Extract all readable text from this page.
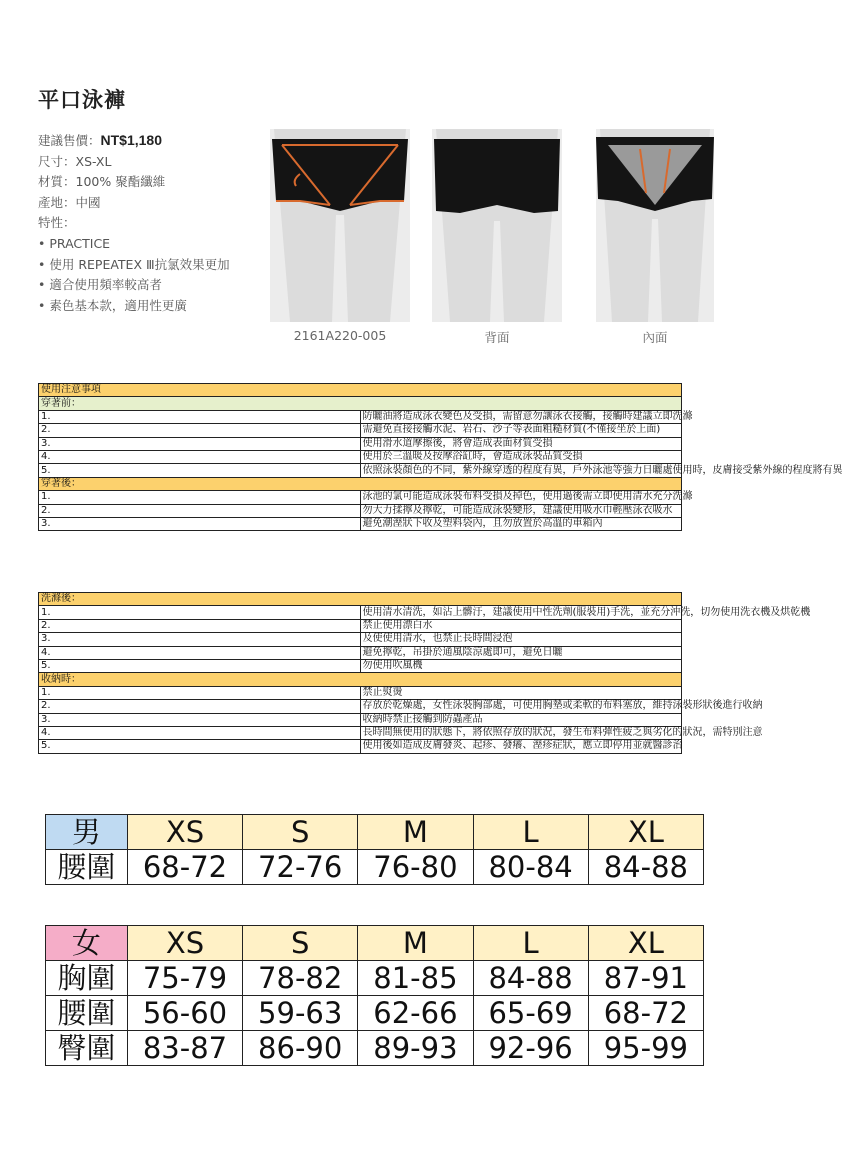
平口泳褲
建議售價：NT$1,180
尺寸：XS-XL
材質：100% 聚酯纖維
產地：中國
特性：
• PRACTICE
• 使用 REPEATEX Ⅲ抗氯效果更加
• 適合使用頻率較高者
• 素色基本款，適用性更廣
2161A220-005	背面	內面
使用注意事項	
穿著前：	
1.	防曬油將造成泳衣變色及受損，需留意勿讓泳衣接觸，接觸時建議立即洗滌
2.	需避免直接接觸水泥、岩石、沙子等表面粗糙材質(不僅接坐於上面)
3.	使用滑水道摩擦後，將會造成表面材質受損
4.	使用於三溫暖及按摩浴缸時，會造成泳裝品質受損
5.	依照泳裝顏色的不同，紫外線穿透的程度有異，戶外泳池等強力日曬處使用時，皮膚接受紫外線的程度將有異
穿著後：	
1.	泳池的氯可能造成泳裝布料受損及掉色，使用過後需立即使用清水充分洗滌
2.	勿大力揉擰及擰乾，可能造成泳裝變形，建議使用吸水巾輕壓泳衣吸水
3.	避免潮溼狀下收及塑料袋內，且勿放置於高溫的車箱內
洗滌後：	
1.	使用清水清洗，如沾上髒汙，建議使用中性洗劑(服裝用)手洗，並充分沖洗，切勿使用洗衣機及烘乾機
2.	禁止使用漂白水
3.	及使使用清水，也禁止長時間浸泡
4.	避免擰乾，吊掛於通風陰涼處即可，避免日曬
5.	勿使用吹風機
收納時：	
1.	禁止熨燙
2.	存放於乾燥處，女性泳裝胸部處，可使用胸墊或柔軟的布料塞放，維持泳裝形狀後進行收納
3.	收納時禁止接觸到防蟲產品
4.	長時間無使用的狀態下，將依照存放的狀況，發生布料彈性疲乏與劣化的狀況，需特別注意
5.	使用後如造成皮膚發炎、起疹、發癢、溼疹症狀，應立即停用並就醫診治
男	XS	S	M	L	XL
腰圍	68-72	72-76	76-80	80-84	84-88
女	XS	S	M	L	XL
胸圍	75-79	78-82	81-85	84-88	87-91
腰圍	56-60	59-63	62-66	65-69	68-72
臀圍	83-87	86-90	89-93	92-96	95-99
